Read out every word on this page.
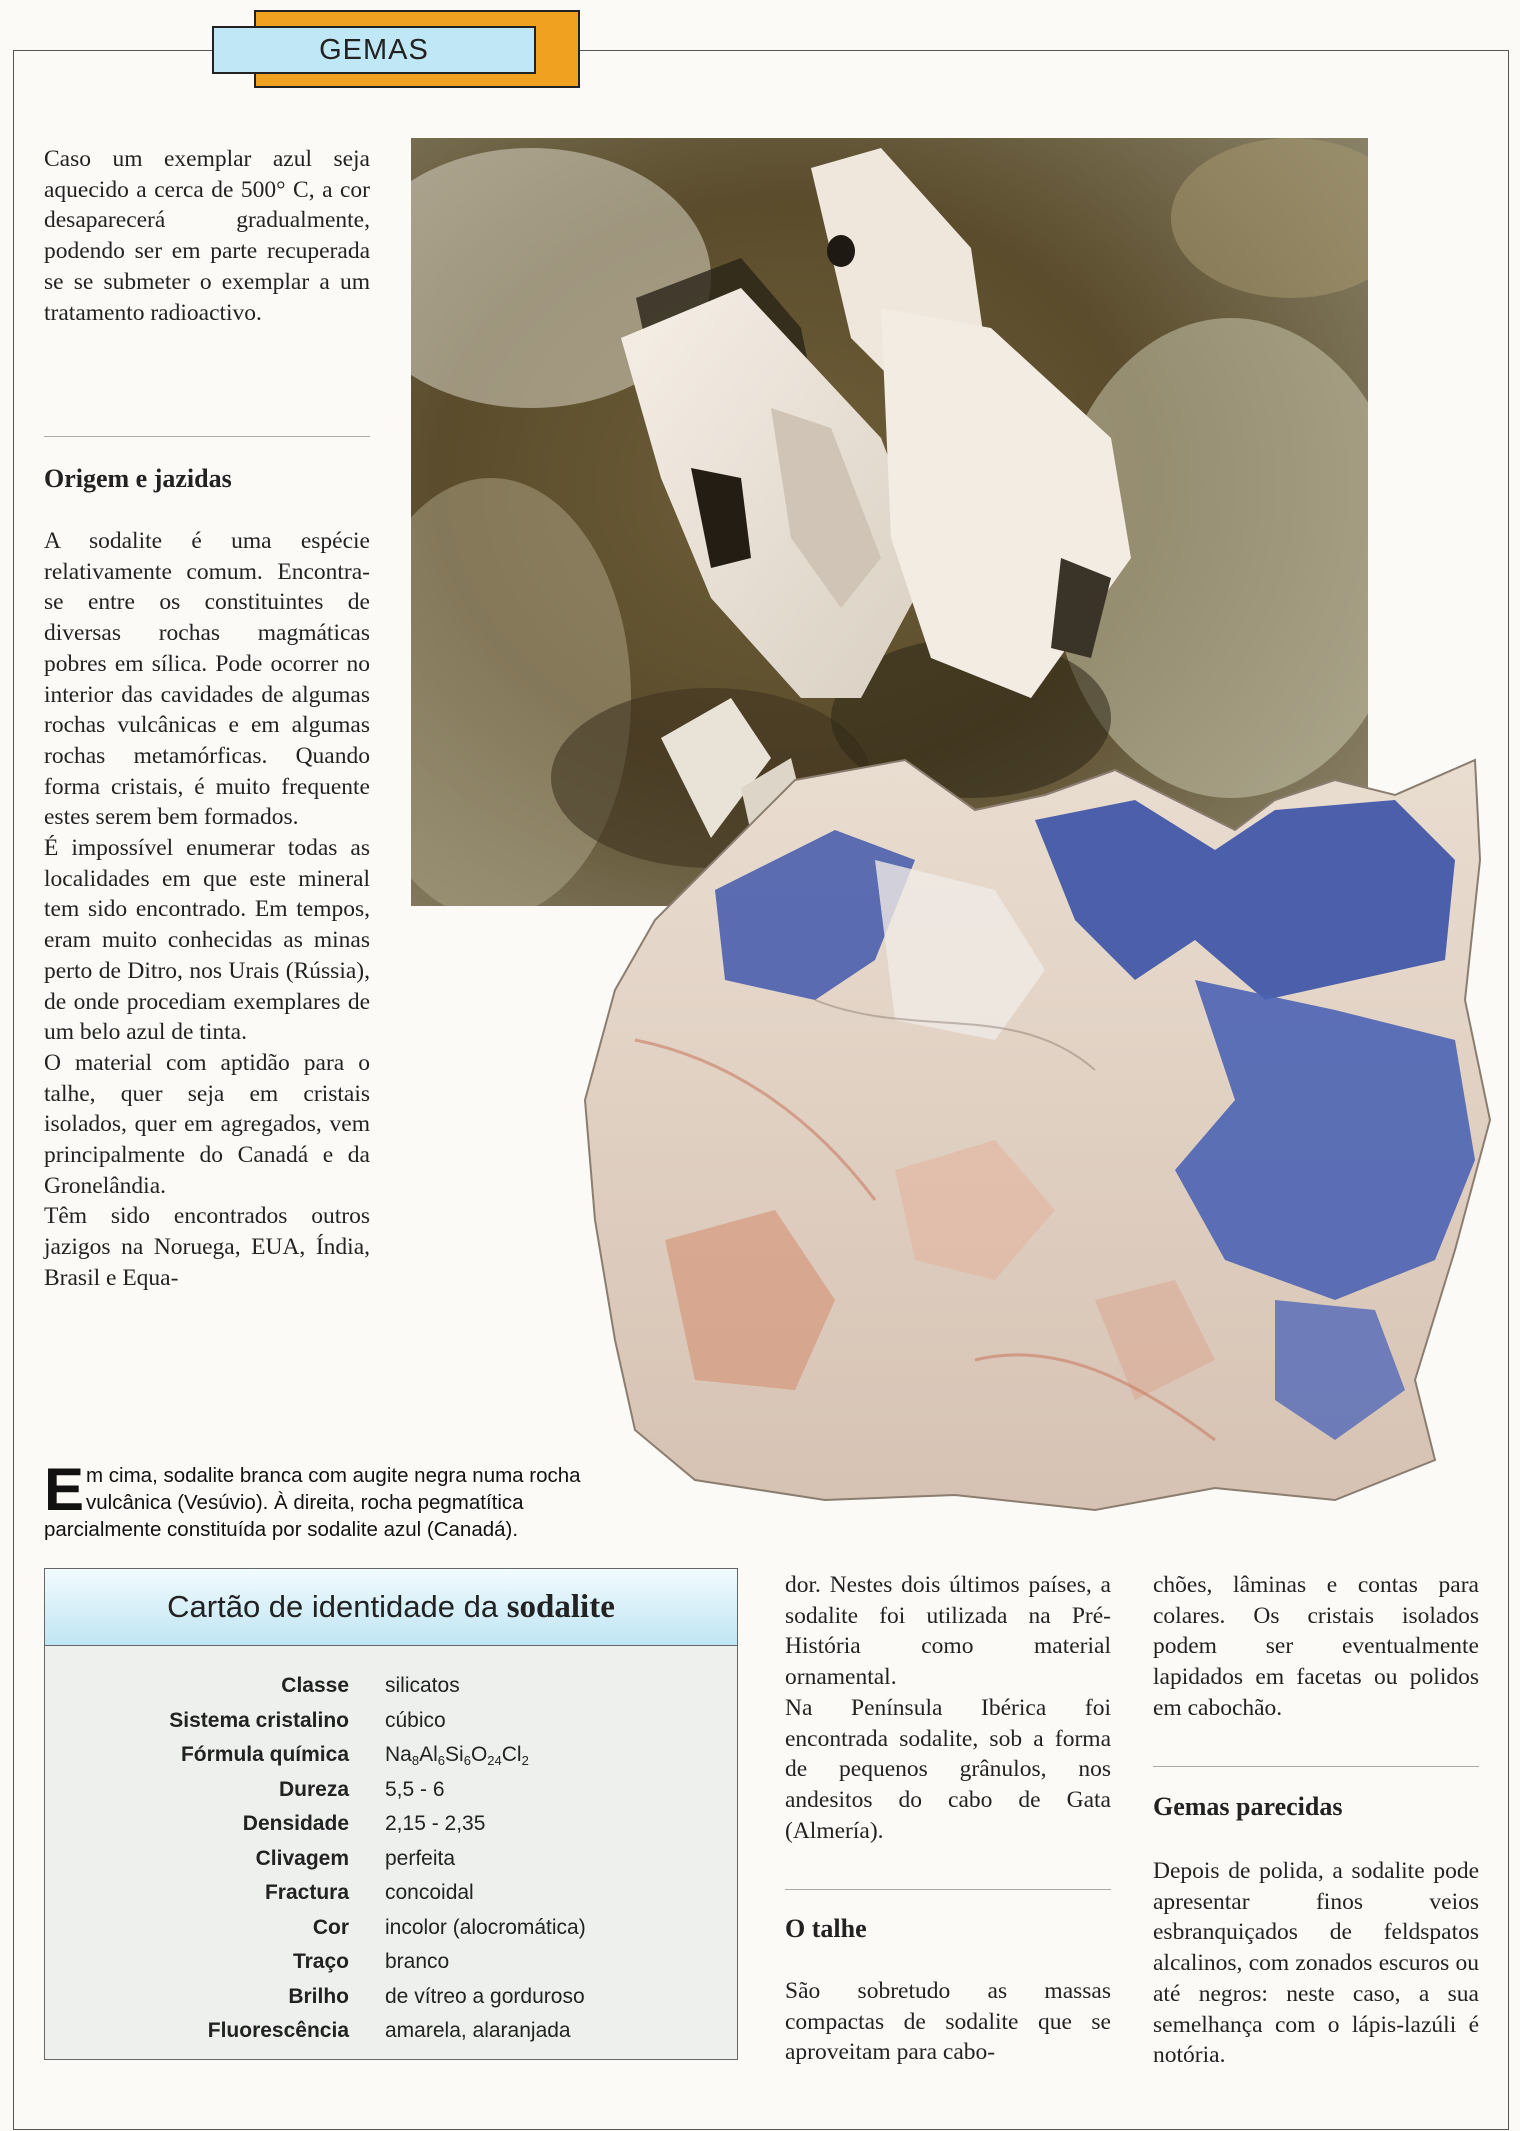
GEMAS

Caso um exemplar azul seja aquecido a cerca de 500° C, a cor desaparecerá gradualmente, podendo ser em parte recuperada se se submeter o exemplar a um tratamento radioactivo.

Origem e jazidas

A sodalite é uma espécie relativamente comum. Encontra-se entre os constituintes de diversas rochas magmáticas pobres em sílica. Pode ocorrer no interior das cavidades de algumas rochas vulcânicas e em algumas rochas metamórficas. Quando forma cristais, é muito frequente estes serem bem formados.

É impossível enumerar todas as localidades em que este mineral tem sido encontrado. Em tempos, eram muito conhecidas as minas perto de Ditro, nos Urais (Rússia), de onde procediam exemplares de um belo azul de tinta.

O material com aptidão para o talhe, quer seja em cristais isolados, quer em agregados, vem principalmente do Canadá e da Gronelândia.

Têm sido encontrados outros jazigos na Noruega, EUA, Índia, Brasil e Equa-

Em cima, sodalite branca com augite negra numa rocha vulcânica (Vesúvio). À direita, rocha pegmatítica parcialmente constituída por sodalite azul (Canadá).
Cartão de identidade da sodalite
Classe silicatos
Sistema cristalino cúbico
Fórmula química $Na_8Al_6Si_6O_{24}Cl_2$
Dureza 5,5 - 6
Densidade 2,15 - 2,35
Clivagem perfeita
Fractura concoidal
Cor incolor (alocromática)
Traço branco
Brilho de vítreo a gorduroso
Fluorescência amarela, alaranjada

dor. Nestes dois últimos países, a sodalite foi utilizada na Pré-História como material ornamental.

Na Península Ibérica foi encontrada sodalite, sob a forma de pequenos grânulos, nos andesitos do cabo de Gata (Almería).

O talhe

São sobretudo as massas compactas de sodalite que se aproveitam para cabo-

chões, lâminas e contas para colares. Os cristais isolados podem ser eventualmente lapidados em facetas ou polidos em cabochão.

Gemas parecidas

Depois de polida, a sodalite pode apresentar finos veios esbranquiçados de feldspatos alcalinos, com zonados escuros ou até negros: neste caso, a sua semelhança com o lápis-lazúli é notória.
